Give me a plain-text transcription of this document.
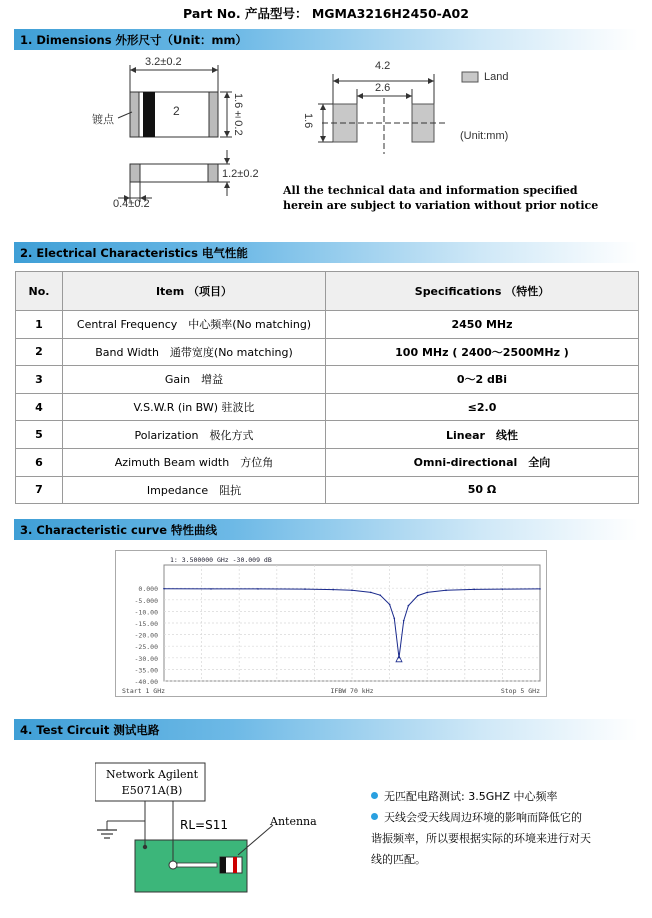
Part No. 产品型号： MGMA3216H2450-A02
1. Dimensions 外形尺寸（Unit：mm）
3.2±0.2
2
镀点	1.6±0.2
1.2±0.2
0.4±0.2
4.2
2.6
1.6
Land
(Unit:mm)
All the technical data and information specified
herein are subject to variation without prior notice
2. Electrical Characteristics 电气性能
No.	Item （项目）	Specifications （特性）
1	Central Frequency　中心频率(No matching)	2450 MHz
2	Band Width　通带宽度(No matching)	100 MHz ( 2400～2500MHz )
3	Gain　增益	0～2 dBi
4	V.S.W.R (in BW) 驻波比	≤2.0
5	Polarization　极化方式	Linear　线性
6	Azimuth Beam width　方位角	Omni-directional　全向
7	Impedance　阻抗	50 Ω
3. Characteristic curve 特性曲线
0.000
-5.000
-10.00
-15.00
-20.00
-25.00
-30.00
-35.00
-40.00
1: 3.500000 GHz -30.009 dB
Start 1 GHz	IFBW 70 kHz	Stop 5 GHz
4. Test Circuit 测试电路
Network Agilent
E5071A(B)
RL=S11	Antenna
无匹配电路测试: 3.5GHZ 中心频率
天线会受天线周边环境的影响而降低它的
谐振频率，所以要根据实际的环境来进行对天
线的匹配。
